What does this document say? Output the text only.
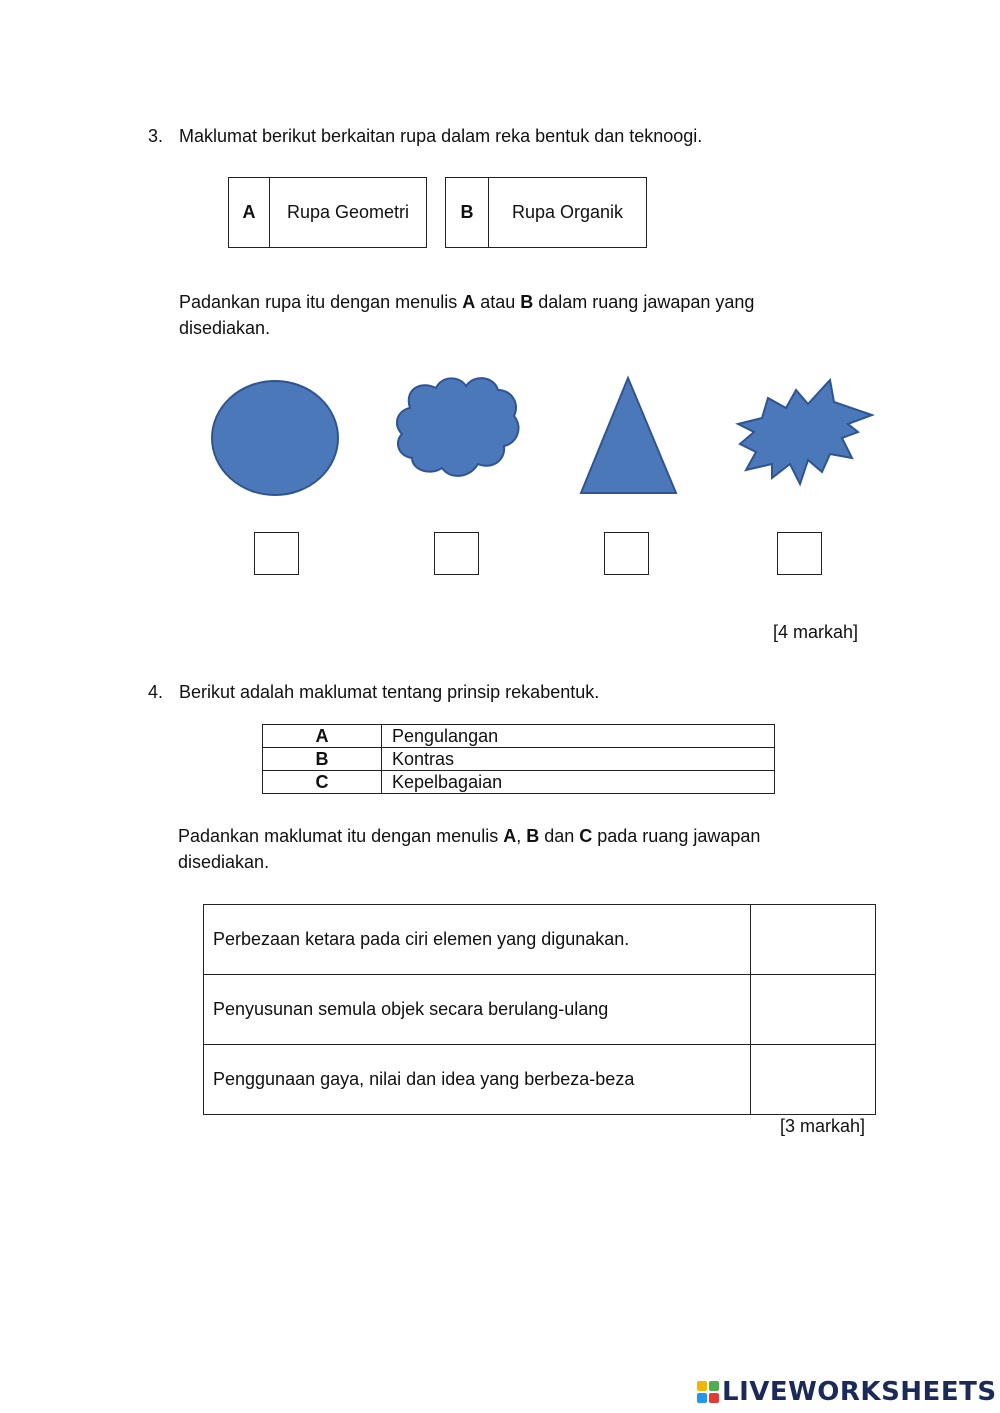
3. Maklumat berikut berkaitan rupa dalam reka bentuk dan teknoogi.
A	Rupa Geometri	B	Rupa Organik
Padankan rupa itu dengan menulis A atau B dalam ruang jawapan yang
disediakan.
[4 markah]
4. Berikut adalah maklumat tentang prinsip rekabentuk.
A	Pengulangan
B	Kontras
C	Kepelbagaian
Padankan maklumat itu dengan menulis A, B dan C pada ruang jawapan
disediakan.
Perbezaan ketara pada ciri elemen yang digunakan.	
Penyusunan semula objek secara berulang-ulang	
Penggunaan gaya, nilai dan idea yang berbeza-beza	
[3 markah]
LIVEWORKSHEETS
